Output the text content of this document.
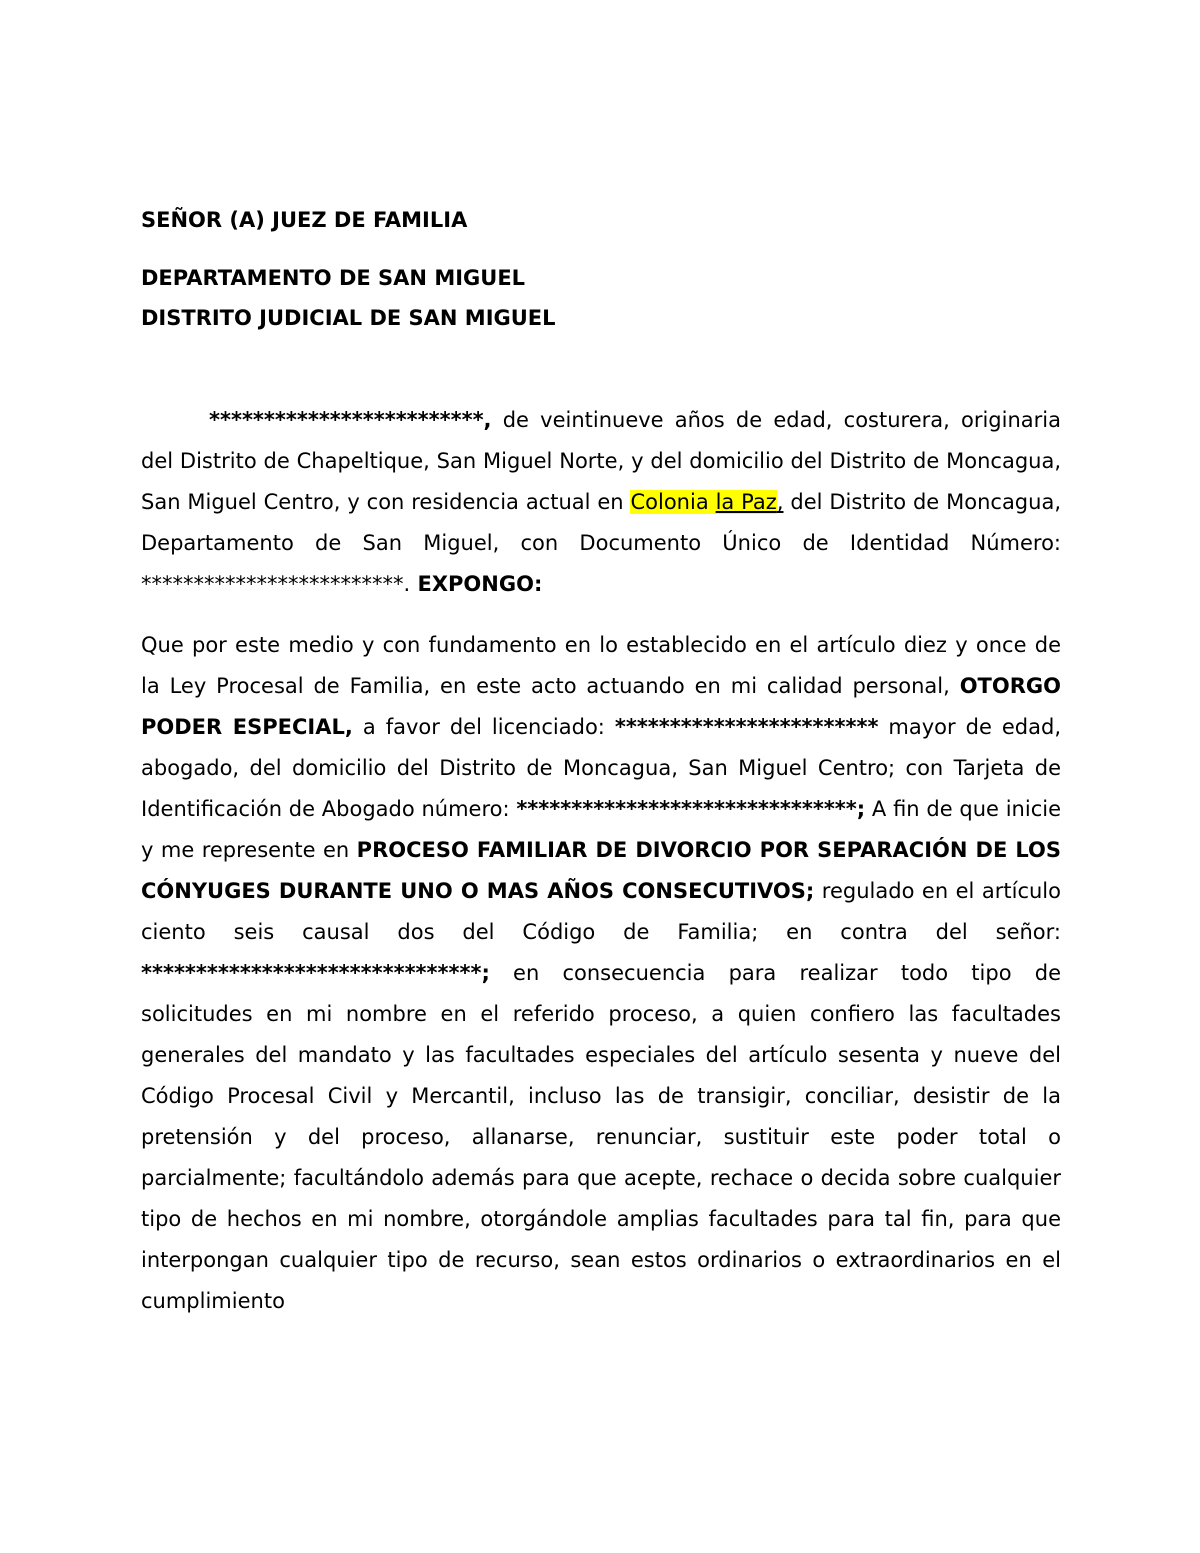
SEÑOR (A) JUEZ DE FAMILIA

DEPARTAMENTO DE SAN MIGUEL

DISTRITO JUDICIAL DE SAN MIGUEL

*************************, de veintinueve años de edad, costurera, originaria del Distrito de Chapeltique, San Miguel Norte, y del domicilio del Distrito de Moncagua, San Miguel Centro, y con residencia actual en Colonia la Paz, del Distrito de Moncagua, Departamento de San Miguel, con Documento Único de Identidad Número: *************************. EXPONGO:

Que por este medio y con fundamento en lo establecido en el artículo diez y once de la Ley Procesal de Familia, en este acto actuando en mi calidad personal, OTORGO PODER ESPECIAL, a favor del licenciado: ************************ mayor de edad, abogado, del domicilio del Distrito de Moncagua, San Miguel Centro; con Tarjeta de Identificación de Abogado número: *******************************; A fin de que inicie y me represente en PROCESO FAMILIAR DE DIVORCIO POR SEPARACIÓN DE LOS CÓNYUGES DURANTE UNO O MAS AÑOS CONSECUTIVOS; regulado en el artículo ciento seis causal dos del Código de Familia; en contra del señor: *******************************; en consecuencia para realizar todo tipo de solicitudes en mi nombre en el referido proceso, a quien confiero las facultades generales del mandato y las facultades especiales del artículo sesenta y nueve del Código Procesal Civil y Mercantil, incluso las de transigir, conciliar, desistir de la pretensión y del proceso, allanarse, renunciar, sustituir este poder total o parcialmente; facultándolo además para que acepte, rechace o decida sobre cualquier tipo de hechos en mi nombre, otorgándole amplias facultades para tal fin, para que interpongan cualquier tipo de recurso, sean estos ordinarios o extraordinarios en el cumplimiento
